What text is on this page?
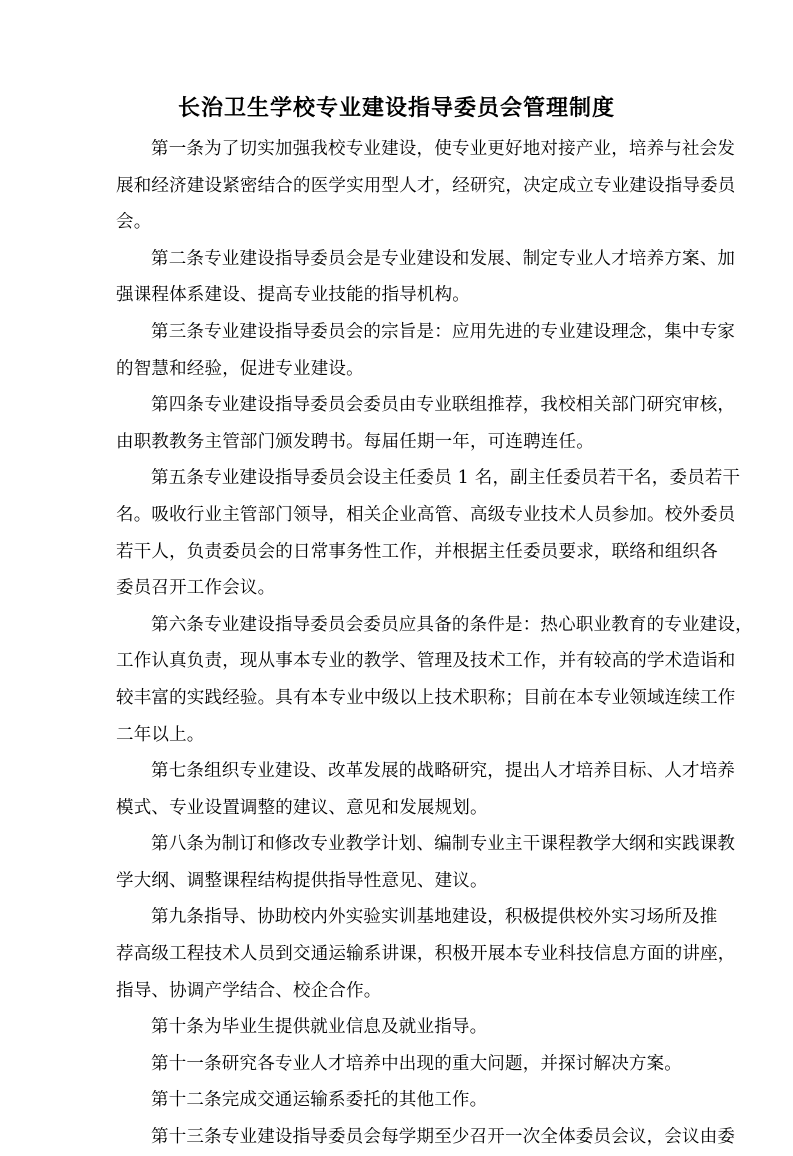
长治卫生学校专业建设指导委员会管理制度

第一条为了切实加强我校专业建设，使专业更好地对接产业，培养与社会发
展和经济建设紧密结合的医学实用型人才，经研究，决定成立专业建设指导委员
会。

第二条专业建设指导委员会是专业建设和发展、制定专业人才培养方案、加
强课程体系建设、提高专业技能的指导机构。

第三条专业建设指导委员会的宗旨是：应用先进的专业建设理念，集中专家
的智慧和经验，促进专业建设。

第四条专业建设指导委员会委员由专业联组推荐，我校相关部门研究审核，
由职教教务主管部门颁发聘书。每届任期一年，可连聘连任。

第五条专业建设指导委员会设主任委员 1 名，副主任委员若干名，委员若干
名。吸收行业主管部门领导，相关企业高管、高级专业技术人员参加。校外委员
若干人，负责委员会的日常事务性工作，并根据主任委员要求，联络和组织各
委员召开工作会议。

第六条专业建设指导委员会委员应具备的条件是：热心职业教育的专业建设，
工作认真负责，现从事本专业的教学、管理及技术工作，并有较高的学术造诣和
较丰富的实践经验。具有本专业中级以上技术职称；目前在本专业领域连续工作
二年以上。

第七条组织专业建设、改革发展的战略研究，提出人才培养目标、人才培养
模式、专业设置调整的建议、意见和发展规划。

第八条为制订和修改专业教学计划、编制专业主干课程教学大纲和实践课教
学大纲、调整课程结构提供指导性意见、建议。

第九条指导、协助校内外实验实训基地建设，积极提供校外实习场所及推
荐高级工程技术人员到交通运输系讲课，积极开展本专业科技信息方面的讲座，
指导、协调产学结合、校企合作。

第十条为毕业生提供就业信息及就业指导。

第十一条研究各专业人才培养中出现的重大问题，并探讨解决方案。

第十二条完成交通运输系委托的其他工作。

第十三条专业建设指导委员会每学期至少召开一次全体委员会议，会议由委
